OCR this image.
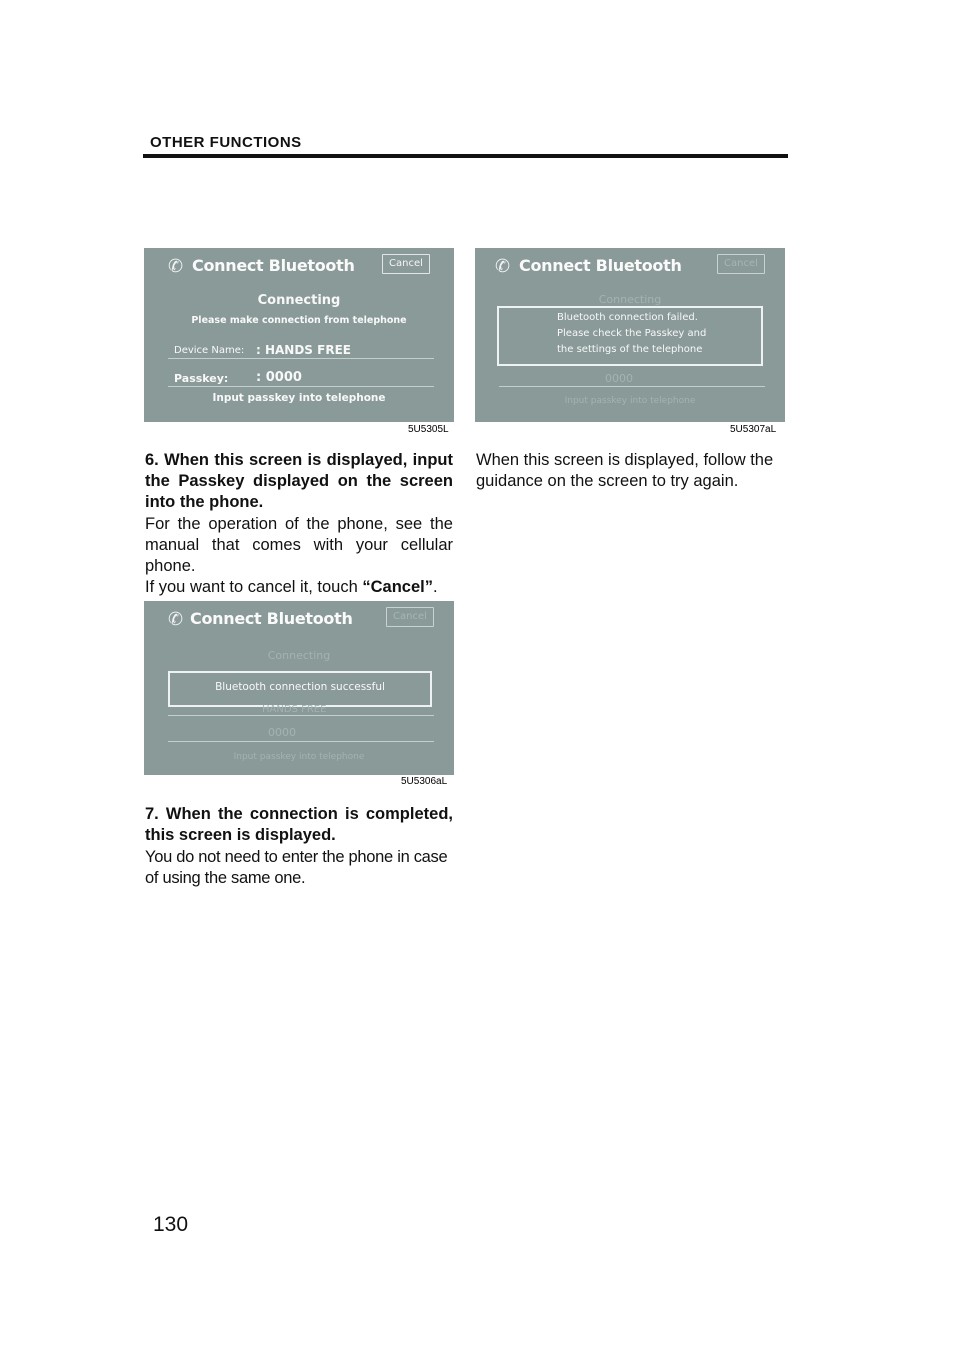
OTHER FUNCTIONS
✆ Connect Bluetooth	Cancel
Connecting
Please make connection from telephone
Device Name: : HANDS FREE
Passkey: : 0000
Input passkey into telephone
5U5305L
✆ Connect Bluetooth	Cancel
Connecting
Bluetooth connection failed.
Please check the Passkey and
the settings of the telephone
0000
Input passkey into telephone
5U5307aL
✆ Connect Bluetooth	Cancel
Connecting
Bluetooth connection successful
HANDS FREE
0000
Input passkey into telephone
5U5306aL
6. When this screen is displayed, input the Passkey displayed on the screen into the phone.
For the operation of the phone, see the manual that comes with your cellular phone.
If you want to cancel it, touch “Cancel”.
7. When the connection is completed, this screen is displayed.
You do not need to enter the phone in case of using the same one.
When this screen is displayed, follow the guidance on the screen to try again.
130
